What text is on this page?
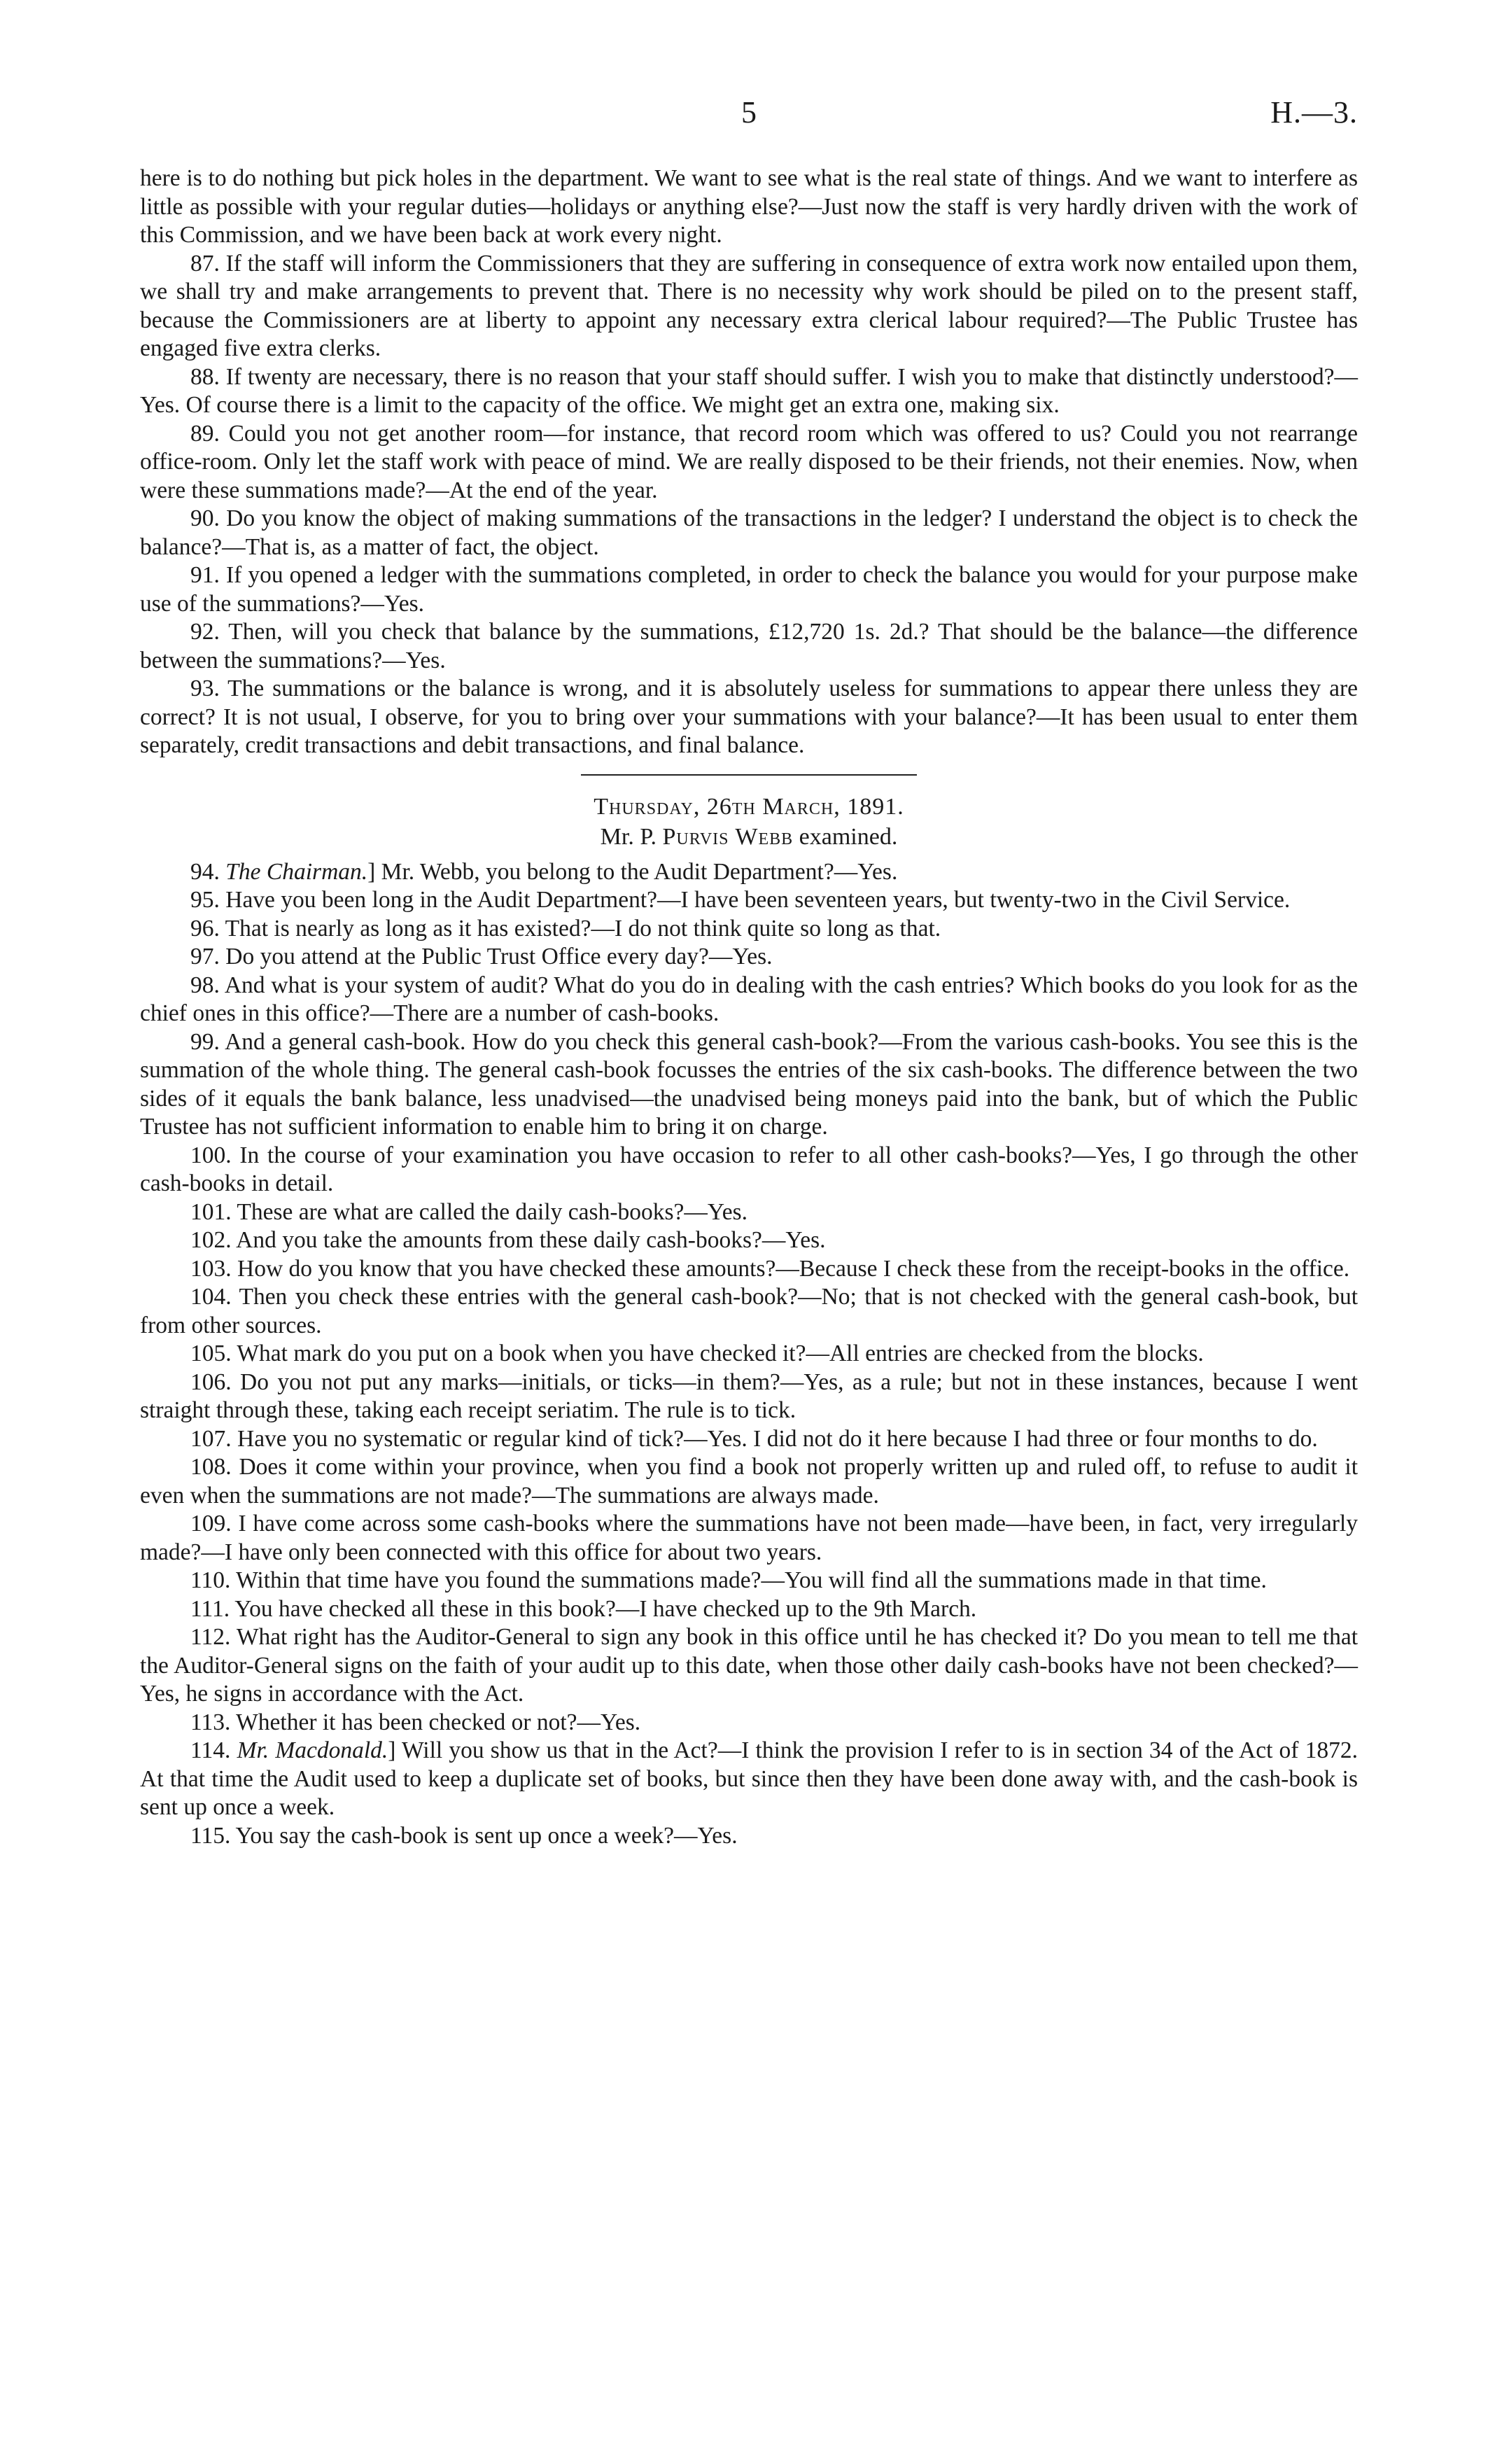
5	H.—3.

here is to do nothing but pick holes in the department. We want to see what is the real state of things. And we want to interfere as little as possible with your regular duties—holidays or anything else?—Just now the staff is very hardly driven with the work of this Commission, and we have been back at work every night.

87. If the staff will inform the Commissioners that they are suffering in consequence of extra work now entailed upon them, we shall try and make arrangements to prevent that. There is no necessity why work should be piled on to the present staff, because the Commissioners are at liberty to appoint any necessary extra clerical labour required?—The Public Trustee has engaged five extra clerks.

88. If twenty are necessary, there is no reason that your staff should suffer. I wish you to make that distinctly understood?—Yes. Of course there is a limit to the capacity of the office. We might get an extra one, making six.

89. Could you not get another room—for instance, that record room which was offered to us? Could you not rearrange office-room. Only let the staff work with peace of mind. We are really disposed to be their friends, not their enemies. Now, when were these summations made?—At the end of the year.

90. Do you know the object of making summations of the transactions in the ledger? I understand the object is to check the balance?—That is, as a matter of fact, the object.

91. If you opened a ledger with the summations completed, in order to check the balance you would for your purpose make use of the summations?—Yes.

92. Then, will you check that balance by the summations, £12,720 1s. 2d.? That should be the balance—the difference between the summations?—Yes.

93. The summations or the balance is wrong, and it is absolutely useless for summations to appear there unless they are correct? It is not usual, I observe, for you to bring over your summations with your balance?—It has been usual to enter them separately, credit transactions and debit transactions, and final balance.

Thursday, 26th March, 1891.
Mr. P. Purvis Webb examined.

94. The Chairman.] Mr. Webb, you belong to the Audit Department?—Yes.

95. Have you been long in the Audit Department?—I have been seventeen years, but twenty-two in the Civil Service.

96. That is nearly as long as it has existed?—I do not think quite so long as that.

97. Do you attend at the Public Trust Office every day?—Yes.

98. And what is your system of audit? What do you do in dealing with the cash entries? Which books do you look for as the chief ones in this office?—There are a number of cash-books.

99. And a general cash-book. How do you check this general cash-book?—From the various cash-books. You see this is the summation of the whole thing. The general cash-book focusses the entries of the six cash-books. The difference between the two sides of it equals the bank balance, less unadvised—the unadvised being moneys paid into the bank, but of which the Public Trustee has not sufficient information to enable him to bring it on charge.

100. In the course of your examination you have occasion to refer to all other cash-books?—Yes, I go through the other cash-books in detail.

101. These are what are called the daily cash-books?—Yes.

102. And you take the amounts from these daily cash-books?—Yes.

103. How do you know that you have checked these amounts?—Because I check these from the receipt-books in the office.

104. Then you check these entries with the general cash-book?—No; that is not checked with the general cash-book, but from other sources.

105. What mark do you put on a book when you have checked it?—All entries are checked from the blocks.

106. Do you not put any marks—initials, or ticks—in them?—Yes, as a rule; but not in these instances, because I went straight through these, taking each receipt seriatim. The rule is to tick.

107. Have you no systematic or regular kind of tick?—Yes. I did not do it here because I had three or four months to do.

108. Does it come within your province, when you find a book not properly written up and ruled off, to refuse to audit it even when the summations are not made?—The summations are always made.

109. I have come across some cash-books where the summations have not been made—have been, in fact, very irregularly made?—I have only been connected with this office for about two years.

110. Within that time have you found the summations made?—You will find all the summations made in that time.

111. You have checked all these in this book?—I have checked up to the 9th March.

112. What right has the Auditor-General to sign any book in this office until he has checked it? Do you mean to tell me that the Auditor-General signs on the faith of your audit up to this date, when those other daily cash-books have not been checked?—Yes, he signs in accordance with the Act.

113. Whether it has been checked or not?—Yes.

114. Mr. Macdonald.] Will you show us that in the Act?—I think the provision I refer to is in section 34 of the Act of 1872. At that time the Audit used to keep a duplicate set of books, but since then they have been done away with, and the cash-book is sent up once a week.

115. You say the cash-book is sent up once a week?—Yes.
